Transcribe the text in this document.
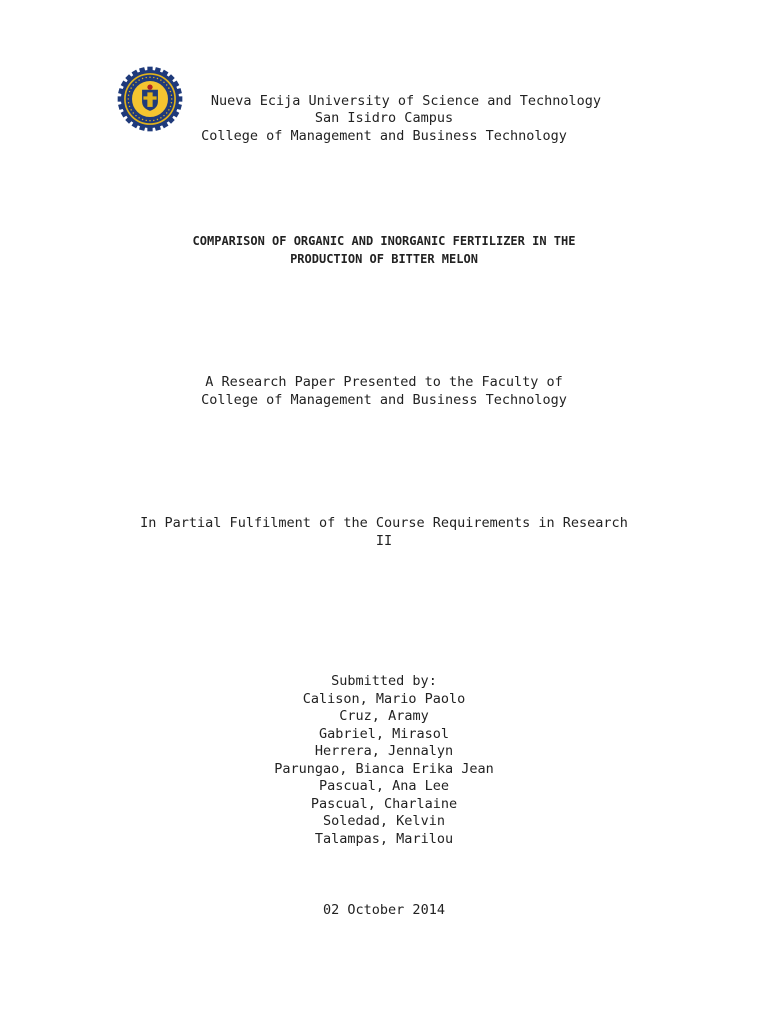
Nueva Ecija University of Science and Technology
San Isidro Campus
College of Management and Business Technology
COMPARISON OF ORGANIC AND INORGANIC FERTILIZER IN THE
PRODUCTION OF BITTER MELON
A Research Paper Presented to the Faculty of
College of Management and Business Technology
In Partial Fulfilment of the Course Requirements in Research
II
Submitted by:
Calison, Mario Paolo
Cruz, Aramy
Gabriel, Mirasol
Herrera, Jennalyn
Parungao, Bianca Erika Jean
Pascual, Ana Lee
Pascual, Charlaine
Soledad, Kelvin
Talampas, Marilou
02 October 2014
